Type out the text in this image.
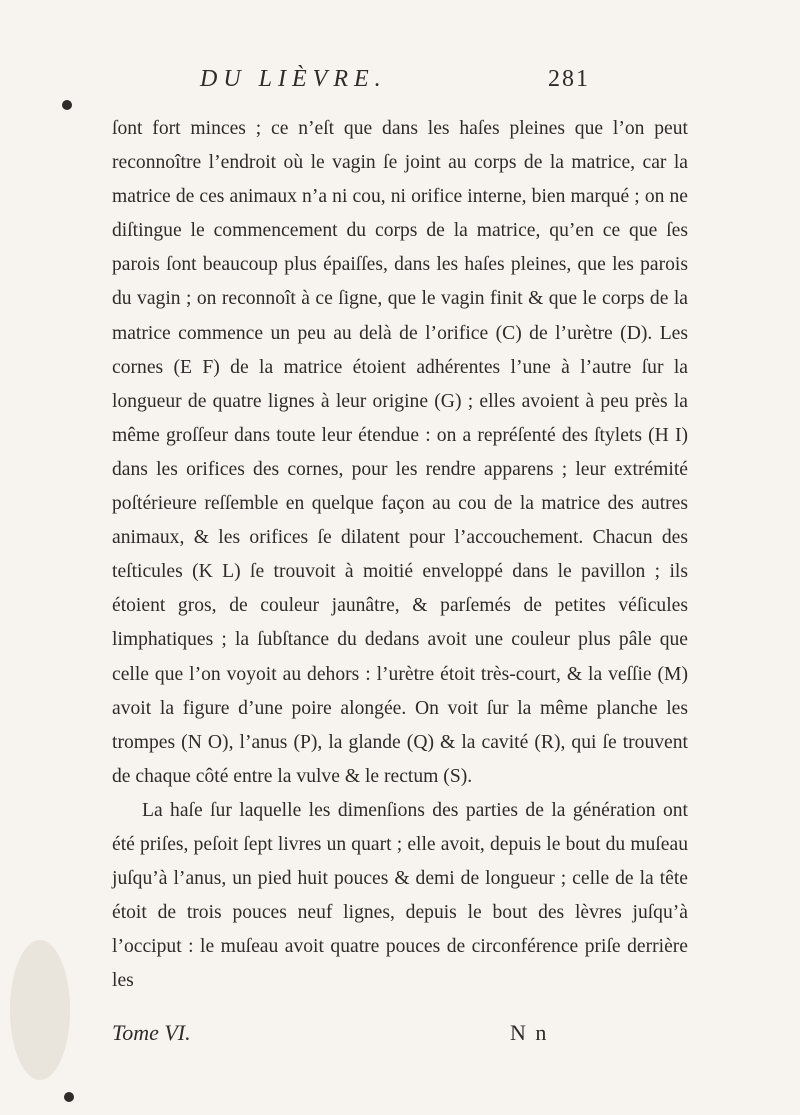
DU LIÈVRE.	281

ſont fort minces ; ce n’eſt que dans les haſes pleines que l’on peut reconnoître l’endroit où le vagin ſe joint au corps de la matrice, car la matrice de ces animaux n’a ni cou, ni orifice interne, bien marqué ; on ne diſtingue le commencement du corps de la matrice, qu’en ce que ſes parois ſont beaucoup plus épaiſſes, dans les haſes pleines, que les parois du vagin ; on reconnoît à ce ſigne, que le vagin finit & que le corps de la matrice commence un peu au delà de l’orifice (C) de l’urètre (D). Les cornes (E F) de la matrice étoient adhérentes l’une à l’autre ſur la longueur de quatre lignes à leur origine (G) ; elles avoient à peu près la même groſſeur dans toute leur étendue : on a repréſenté des ſtylets (H I) dans les orifices des cornes, pour les rendre apparens ; leur extrémité poſtérieure reſſemble en quelque façon au cou de la matrice des autres animaux, & les orifices ſe dilatent pour l’accouchement. Chacun des teſticules (K L) ſe trouvoit à moitié enveloppé dans le pavillon ; ils étoient gros, de couleur jaunâtre, & parſemés de petites véſicules limphatiques ; la ſubſtance du dedans avoit une couleur plus pâle que celle que l’on voyoit au dehors : l’urètre étoit très-court, & la veſſie (M) avoit la figure d’une poire alongée. On voit ſur la même planche les trompes (N O), l’anus (P), la glande (Q) & la cavité (R), qui ſe trouvent de chaque côté entre la vulve & le rectum (S).

La haſe ſur laquelle les dimenſions des parties de la génération ont été priſes, peſoit ſept livres un quart ; elle avoit, depuis le bout du muſeau juſqu’à l’anus, un pied huit pouces & demi de longueur ; celle de la tête étoit de trois pouces neuf lignes, depuis le bout des lèvres juſqu’à l’occiput : le muſeau avoit quatre pouces de circonférence priſe derrière les

Tome VI.	N n
